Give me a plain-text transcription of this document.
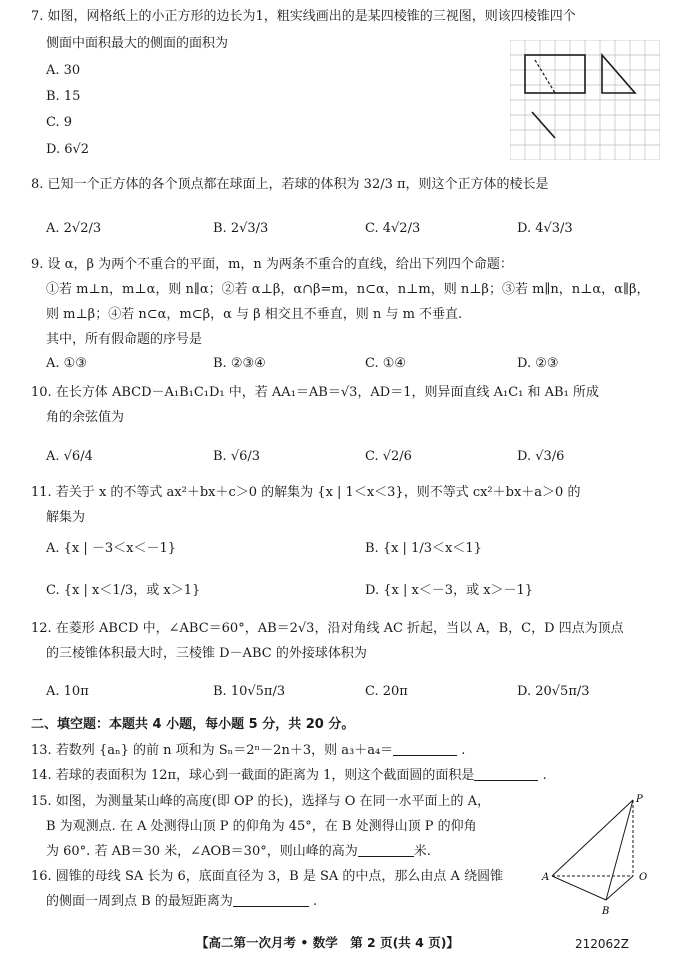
7. 如图，网格纸上的小正方形的边长为1，粗实线画出的是某四棱锥的三视图，则该四棱锥四个
侧面中面积最大的侧面的面积为
A. 30
B. 15
C. 9
D. 6√2
8. 已知一个正方体的各个顶点都在球面上，若球的体积为 32/3 π，则这个正方体的棱长是
A. 2√2/3	B. 2√3/3	C. 4√2/3	D. 4√3/3
9. 设 α，β 为两个不重合的平面，m，n 为两条不重合的直线，给出下列四个命题：
①若 m⊥n，m⊥α，则 n∥α；②若 α⊥β，α∩β=m，n⊂α，n⊥m，则 n⊥β；③若 m∥n，n⊥α，α∥β，
则 m⊥β；④若 n⊂α，m⊂β，α 与 β 相交且不垂直，则 n 与 m 不垂直.
其中，所有假命题的序号是
A. ①③	B. ②③④	C. ①④	D. ②③
10. 在长方体 ABCD－A₁B₁C₁D₁ 中，若 AA₁＝AB＝√3，AD＝1，则异面直线 A₁C₁ 和 AB₁ 所成
角的余弦值为
A. √6/4	B. √6/3	C. √2/6	D. √3/6
11. 若关于 x 的不等式 ax²＋bx＋c＞0 的解集为 {x | 1＜x＜3}，则不等式 cx²＋bx＋a＞0 的
解集为
A. {x | －3＜x＜－1}	B. {x | 1/3＜x＜1}
C. {x | x＜1/3，或 x＞1}	D. {x | x＜－3，或 x＞－1}
12. 在菱形 ABCD 中，∠ABC＝60°，AB＝2√3，沿对角线 AC 折起，当以 A，B，C，D 四点为顶点
的三棱锥体积最大时，三棱锥 D－ABC 的外接球体积为
A. 10π	B. 10√5π/3	C. 20π	D. 20√5π/3
二、填空题：本题共 4 小题，每小题 5 分，共 20 分。
13. 若数列 {aₙ} 的前 n 项和为 Sₙ＝2ⁿ－2n＋3，则 a₃＋a₄＝	.
14. 若球的表面积为 12π，球心到一截面的距离为 1，则这个截面圆的面积是	.
15. 如图，为测量某山峰的高度(即 OP 的长)，选择与 O 在同一水平面上的 A，
B 为观测点. 在 A 处测得山顶 P 的仰角为 45°，在 B 处测得山顶 P 的仰角
为 60°. 若 AB＝30 米，∠AOB＝30°，则山峰的高为	米.
16. 圆锥的母线 SA 长为 6，底面直径为 3，B 是 SA 的中点，那么由点 A 绕圆锥
的侧面一周到点 B 的最短距离为	.
P
A	O
B
【高二第一次月考 • 数学　第 2 页(共 4 页)】	212062Z
